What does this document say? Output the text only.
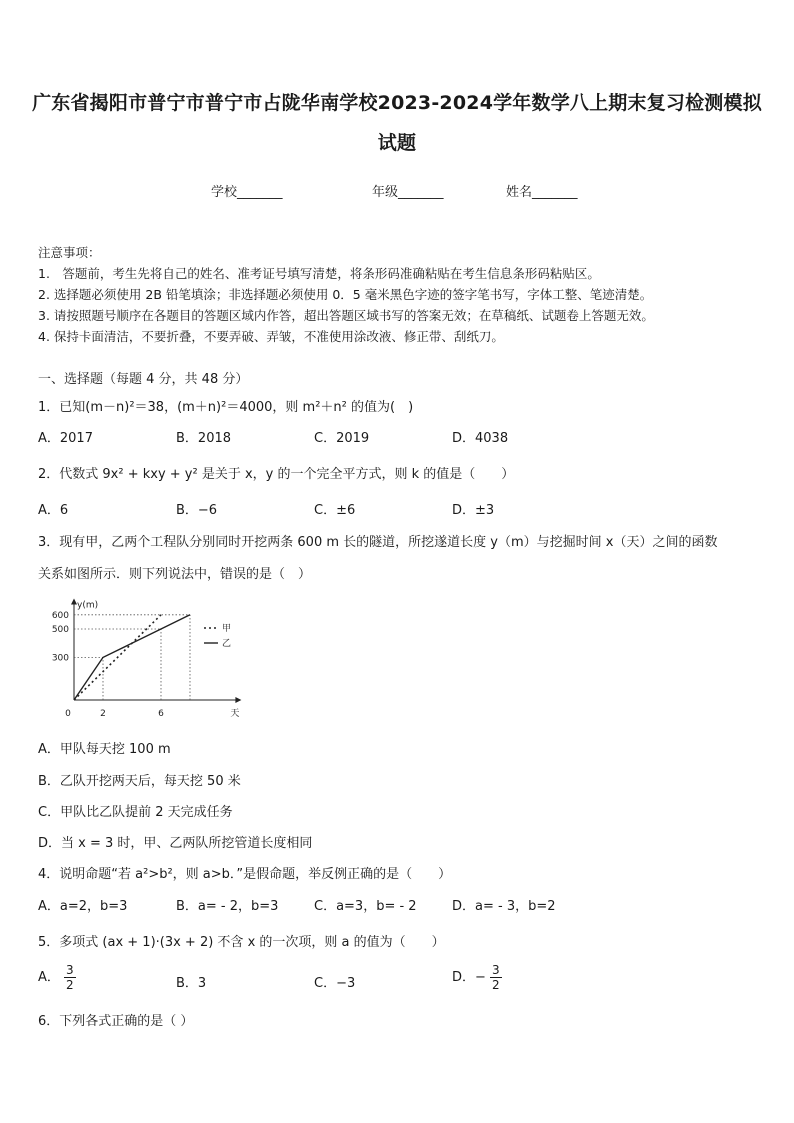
广东省揭阳市普宁市普宁市占陇华南学校2023-2024学年数学八上期末复习检测模拟
试题
学校_______	年级_______	姓名_______
注意事项：
1.　答题前，考生先将自己的姓名、准考证号填写清楚，将条形码准确粘贴在考生信息条形码粘贴区。
2. 选择题必须使用 2B 铅笔填涂；非选择题必须使用 0．5 毫米黑色字迹的签字笔书写，字体工整、笔迹清楚。
3. 请按照题号顺序在各题目的答题区域内作答，超出答题区域书写的答案无效；在草稿纸、试题卷上答题无效。
4. 保持卡面清洁，不要折叠，不要弄破、弄皱，不准使用涂改液、修正带、刮纸刀。
一、选择题（每题 4 分，共 48 分）
1．已知(m－n)²＝38，(m＋n)²＝4000，则 m²＋n² 的值为(　)
A．2017	B．2018	C．2019	D．4038
2．代数式 9x² + kxy + y² 是关于 x，y 的一个完全平方式，则 k 的值是（　　）
A．6	B．−6	C．±6	D．±3
3．现有甲，乙两个工程队分别同时开挖两条 600 m 长的隧道，所挖遂道长度 y（m）与挖掘时间 x（天）之间的函数
关系如图所示．则下列说法中，错误的是（　）
y(m)
天
0
300
500
600
2	6
甲
乙
A．甲队每天挖 100 m
B．乙队开挖两天后，每天挖 50 米
C．甲队比乙队提前 2 天完成任务
D．当 x = 3 时，甲、乙两队所挖管道长度相同
4．说明命题“若 a²>b²，则 a>b．”是假命题，举反例正确的是（　　）
A．a=2，b=3	B．a= - 2，b=3	C．a=3，b= - 2	D．a= - 3，b=2
5．多项式 (ax + 1)·(3x + 2) 不含 x 的一次项，则 a 的值为（　　）
A． $\frac{3}{2}$	B．3	C．−3	D．− $\frac{3}{2}$
6．下列各式正确的是（ ）
